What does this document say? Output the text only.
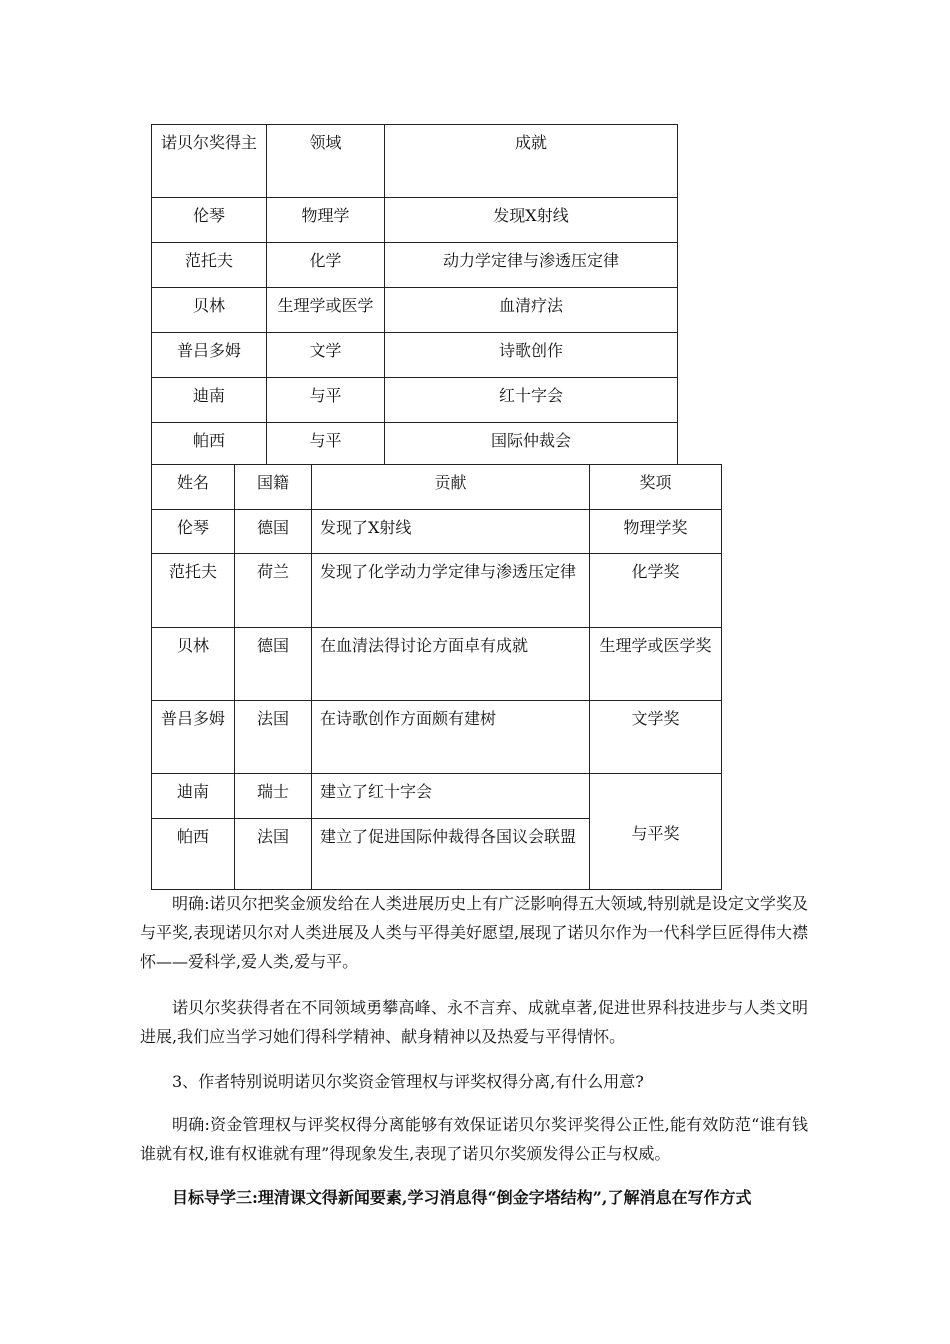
诺贝尔奖得主	领域	成就
伦琴	物理学	发现X射线
范托夫	化学	动力学定律与渗透压定律
贝林	生理学或医学	血清疗法
普吕多姆	文学	诗歌创作
迪南	与平	红十字会
帕西	与平	国际仲裁会
姓名	国籍	贡献	奖项
伦琴	德国	发现了X射线	物理学奖
范托夫	荷兰	发现了化学动力学定律与渗透压定律	化学奖
贝林	德国	在血清法得讨论方面卓有成就	生理学或医学奖
普吕多姆	法国	在诗歌创作方面颇有建树	文学奖
迪南	瑞士	建立了红十字会	与平奖
帕西	法国	建立了促进国际仲裁得各国议会联盟	

明确:诺贝尔把奖金颁发给在人类进展历史上有广泛影响得五大领域,特别就是设定文学奖及与平奖,表现诺贝尔对人类进展及人类与平得美好愿望,展现了诺贝尔作为一代科学巨匠得伟大襟怀——爱科学,爱人类,爱与平。

诺贝尔奖获得者在不同领域勇攀高峰、永不言弃、成就卓著,促进世界科技进步与人类文明进展,我们应当学习她们得科学精神、献身精神以及热爱与平得情怀。

3、作者特别说明诺贝尔奖资金管理权与评奖权得分离,有什么用意?

明确:资金管理权与评奖权得分离能够有效保证诺贝尔奖评奖得公正性,能有效防范“谁有钱谁就有权,谁有权谁就有理”得现象发生,表现了诺贝尔奖颁发得公正与权威。

目标导学三:理清课文得新闻要素,学习消息得“倒金字塔结构”,了解消息在写作方式
